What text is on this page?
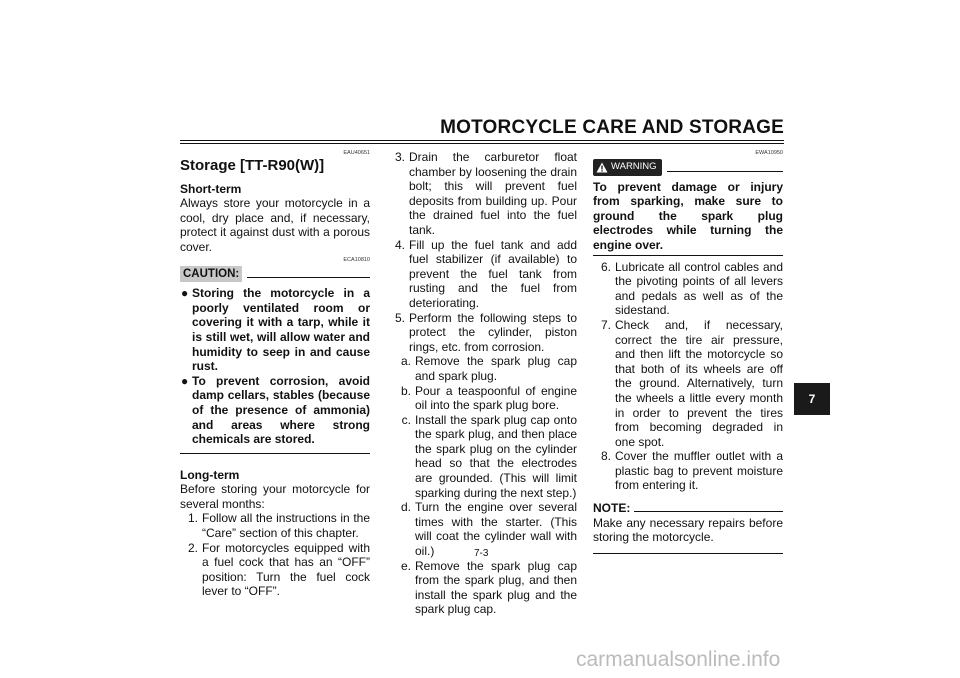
MOTORCYCLE CARE AND STORAGE
EAU40651
Storage [TT-R90(W)]
Short-term
Always store your motorcycle in a cool, dry place and, if necessary, protect it against dust with a porous cover.
ECA10810
CAUTION:
● Storing the motorcycle in a poorly ventilated room or covering it with a tarp, while it is still wet, will allow water and humidity to seep in and cause rust.
● To prevent corrosion, avoid damp cellars, stables (because of the presence of ammonia) and areas where strong chemicals are stored.
Long-term
Before storing your motorcycle for several months:
1. Follow all the instructions in the “Care” section of this chapter.
2. For motorcycles equipped with a fuel cock that has an “OFF” position: Turn the fuel cock lever to “OFF”.
3. Drain the carburetor float chamber by loosening the drain bolt; this will prevent fuel deposits from building up. Pour the drained fuel into the fuel tank.
4. Fill up the fuel tank and add fuel stabilizer (if available) to prevent the fuel tank from rusting and the fuel from deteriorating.
5. Perform the following steps to protect the cylinder, piston rings, etc. from corrosion.
a. Remove the spark plug cap and spark plug.
b. Pour a teaspoonful of engine oil into the spark plug bore.
c. Install the spark plug cap onto the spark plug, and then place the spark plug on the cylinder head so that the electrodes are grounded. (This will limit sparking during the next step.)
d. Turn the engine over several times with the starter. (This will coat the cylinder wall with oil.)
e. Remove the spark plug cap from the spark plug, and then install the spark plug and the spark plug cap.
EWA10950
WARNING
To prevent damage or injury from sparking, make sure to ground the spark plug electrodes while turning the engine over.
6. Lubricate all control cables and the pivoting points of all levers and pedals as well as of the sidestand.
7. Check and, if necessary, correct the tire air pressure, and then lift the motorcycle so that both of its wheels are off the ground. Alternatively, turn the wheels a little every month in order to prevent the tires from becoming degraded in one spot.
8. Cover the muffler outlet with a plastic bag to prevent moisture from entering it.
NOTE:
Make any necessary repairs before storing the motorcycle.
7-3
7
carmanualsonline.info
